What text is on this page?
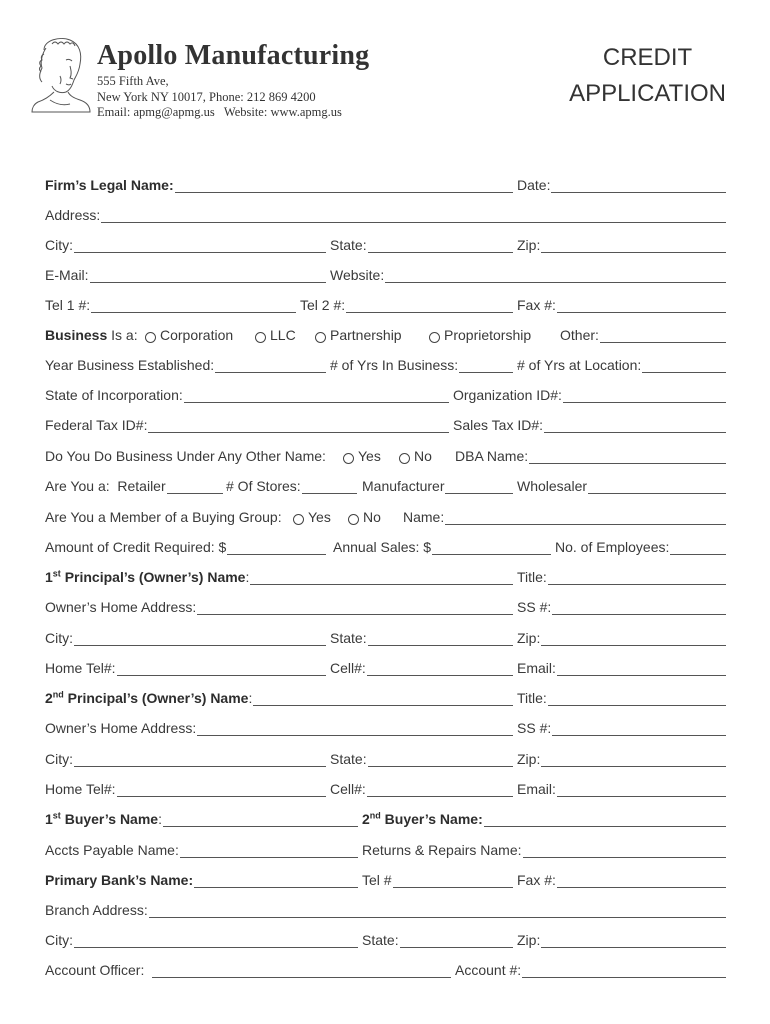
Apollo Manufacturing
555 Fifth Ave,
New York NY 10017, Phone: 212 869 4200
Email: apmg@apmg.us   Website: www.apmg.us
CREDIT
APPLICATION
Firm’s Legal Name:	Date:
Address:
City:	State:	Zip:
E-Mail:	Website:
Tel 1 #:	Tel 2 #:	Fax #:
Business Is a: Corporation	LLC Partnership	Proprietorship Other:
Year Business Established:	# of Yrs In Business:	# of Yrs at Location:
State of Incorporation:	Organization ID#:
Federal Tax ID#:	Sales Tax ID#:
Do You Do Business Under Any Other Name: Yes No DBA Name:
Are You a:  Retailer	# Of Stores:	Manufacturer	Wholesaler
Are You a Member of a Buying Group: Yes No Name:
Amount of Credit Required: $	Annual Sales: $	No. of Employees:
1st Principal’s (Owner’s) Name:	Title:
Owner’s Home Address:	SS #:
City:	State:	Zip:
Home Tel#:	Cell#:	Email:
2nd Principal’s (Owner’s) Name:	Title:
Owner’s Home Address:	SS #:
City:	State:	Zip:
Home Tel#:	Cell#:	Email:
1st Buyer’s Name:	2nd Buyer’s Name:
Accts Payable Name:	Returns & Repairs Name:
Primary Bank’s Name:	Tel #	Fax #:
Branch Address:
City:	State:	Zip:
Account Officer:	Account #:
